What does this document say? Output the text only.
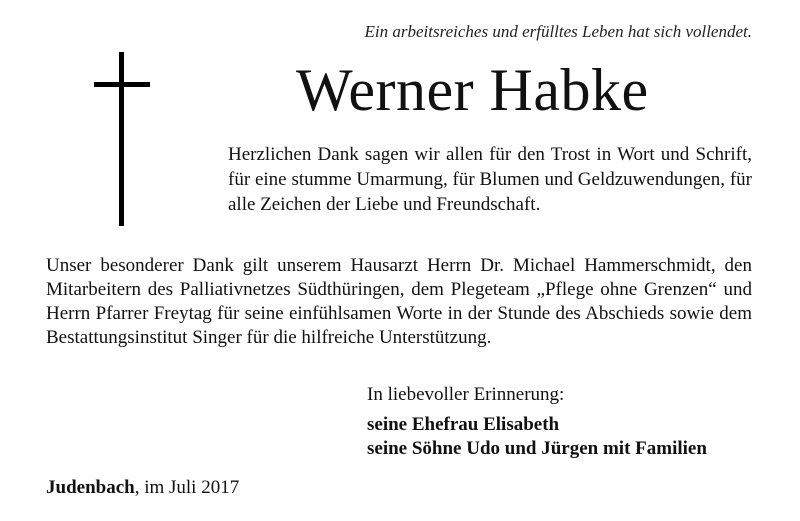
Ein arbeitsreiches und erfülltes Leben hat sich vollendet.
Werner Habke
Herzlichen Dank sagen wir allen für den Trost in Wort und Schrift, für eine stumme Umarmung, für Blumen und Geldzuwendungen, für alle Zeichen der Liebe und Freundschaft.
Unser besonderer Dank gilt unserem Hausarzt Herrn Dr. Michael Hammerschmidt, den Mitarbeitern des Palliativnetzes Südthüringen, dem Plegeteam „Pflege ohne Grenzen“ und Herrn Pfarrer Freytag für seine einfühlsamen Worte in der Stunde des Abschieds sowie dem Bestattungsinstitut Singer für die hilfreiche Unterstützung.
In liebevoller Erinnerung:
seine Ehefrau Elisabeth
seine Söhne Udo und Jürgen mit Familien
Judenbach, im Juli 2017
